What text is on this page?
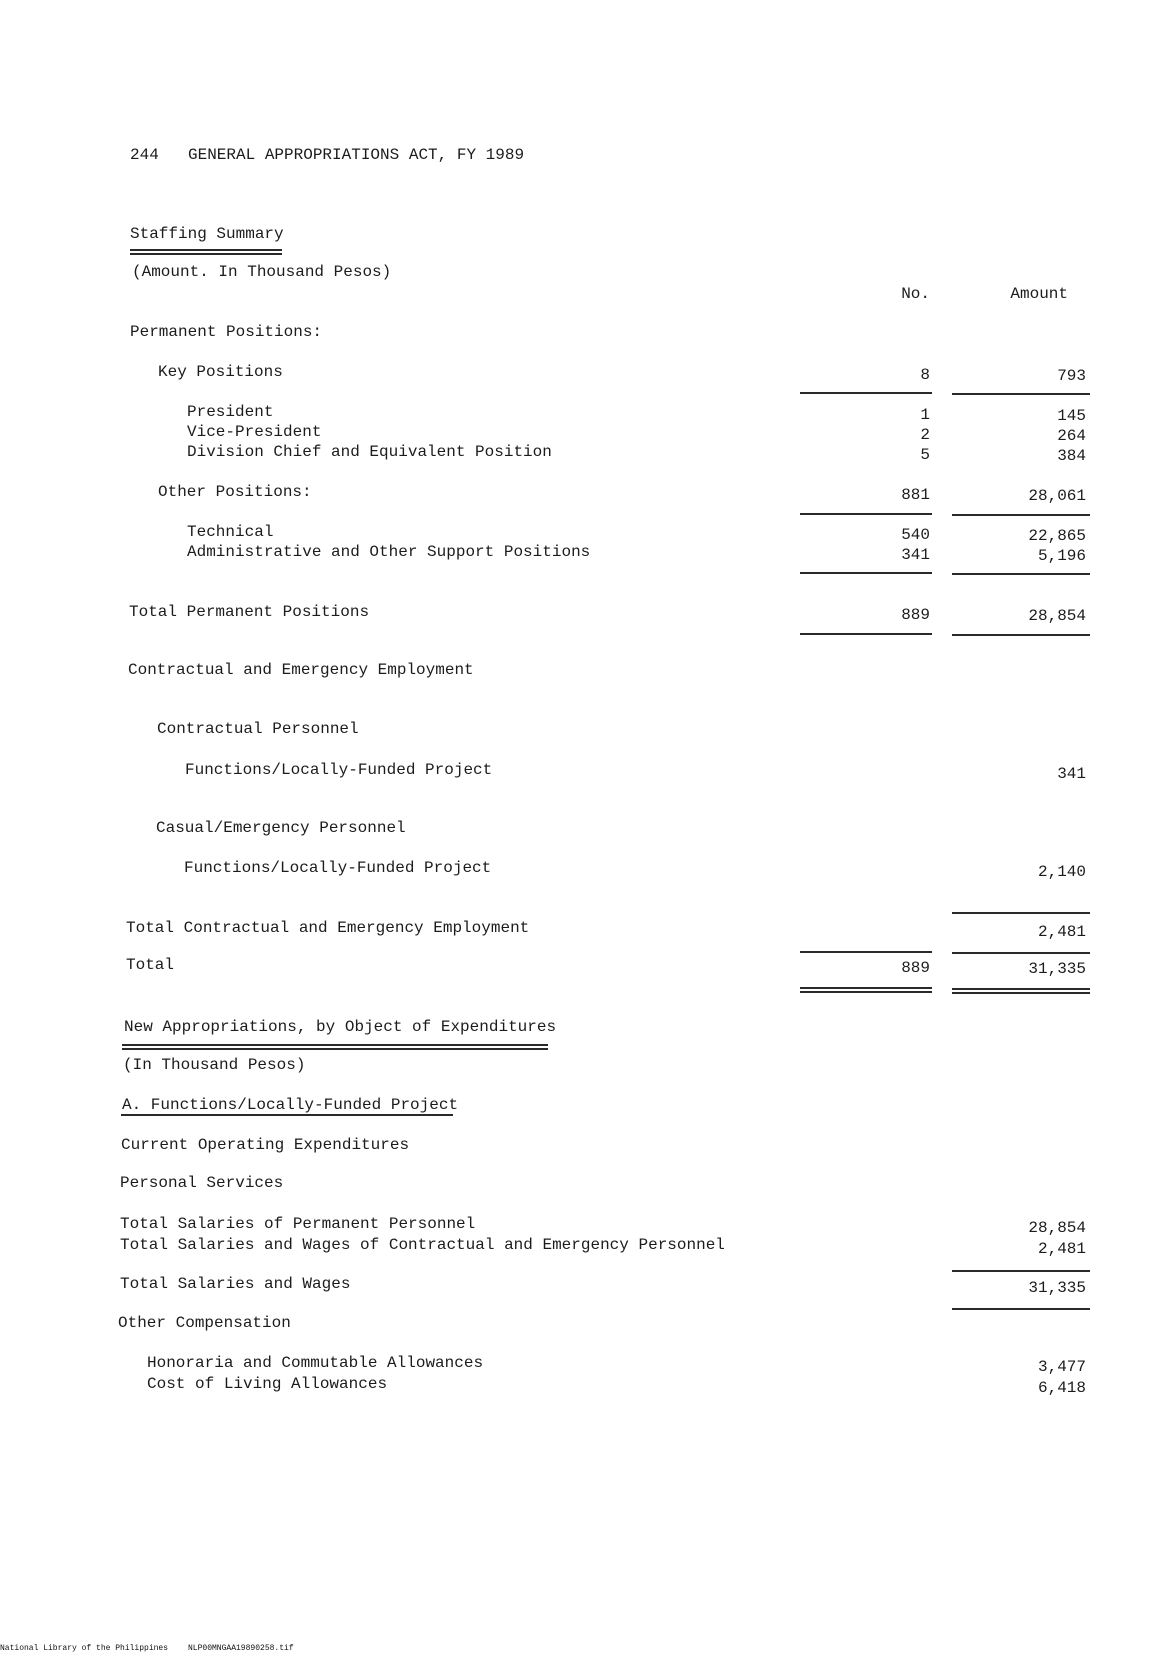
244 GENERAL APPROPRIATIONS ACT, FY 1989
Staffing Summary
(Amount. In Thousand Pesos)
No.	Amount
Permanent Positions:
Key Positions	8	793
President	1	145
Vice-President	2	264
Division Chief and Equivalent Position	5	384
Other Positions:	881	28,061
Technical	540	22,865
Administrative and Other Support Positions	341	5,196
Total Permanent Positions	889	28,854
Contractual and Emergency Employment
Contractual Personnel
Functions/Locally-Funded Project	341
Casual/Emergency Personnel
Functions/Locally-Funded Project	2,140
Total Contractual and Emergency Employment	2,481
Total	889	31,335
New Appropriations, by Object of Expenditures
(In Thousand Pesos)
A. Functions/Locally-Funded Project
Current Operating Expenditures
Personal Services
Total Salaries of Permanent Personnel	28,854
Total Salaries and Wages of Contractual and Emergency Personnel	2,481
Total Salaries and Wages	31,335
Other Compensation
Honoraria and Commutable Allowances	3,477
Cost of Living Allowances	6,418
National Library of the Philippines NLP00MNGAA19890258.tif
